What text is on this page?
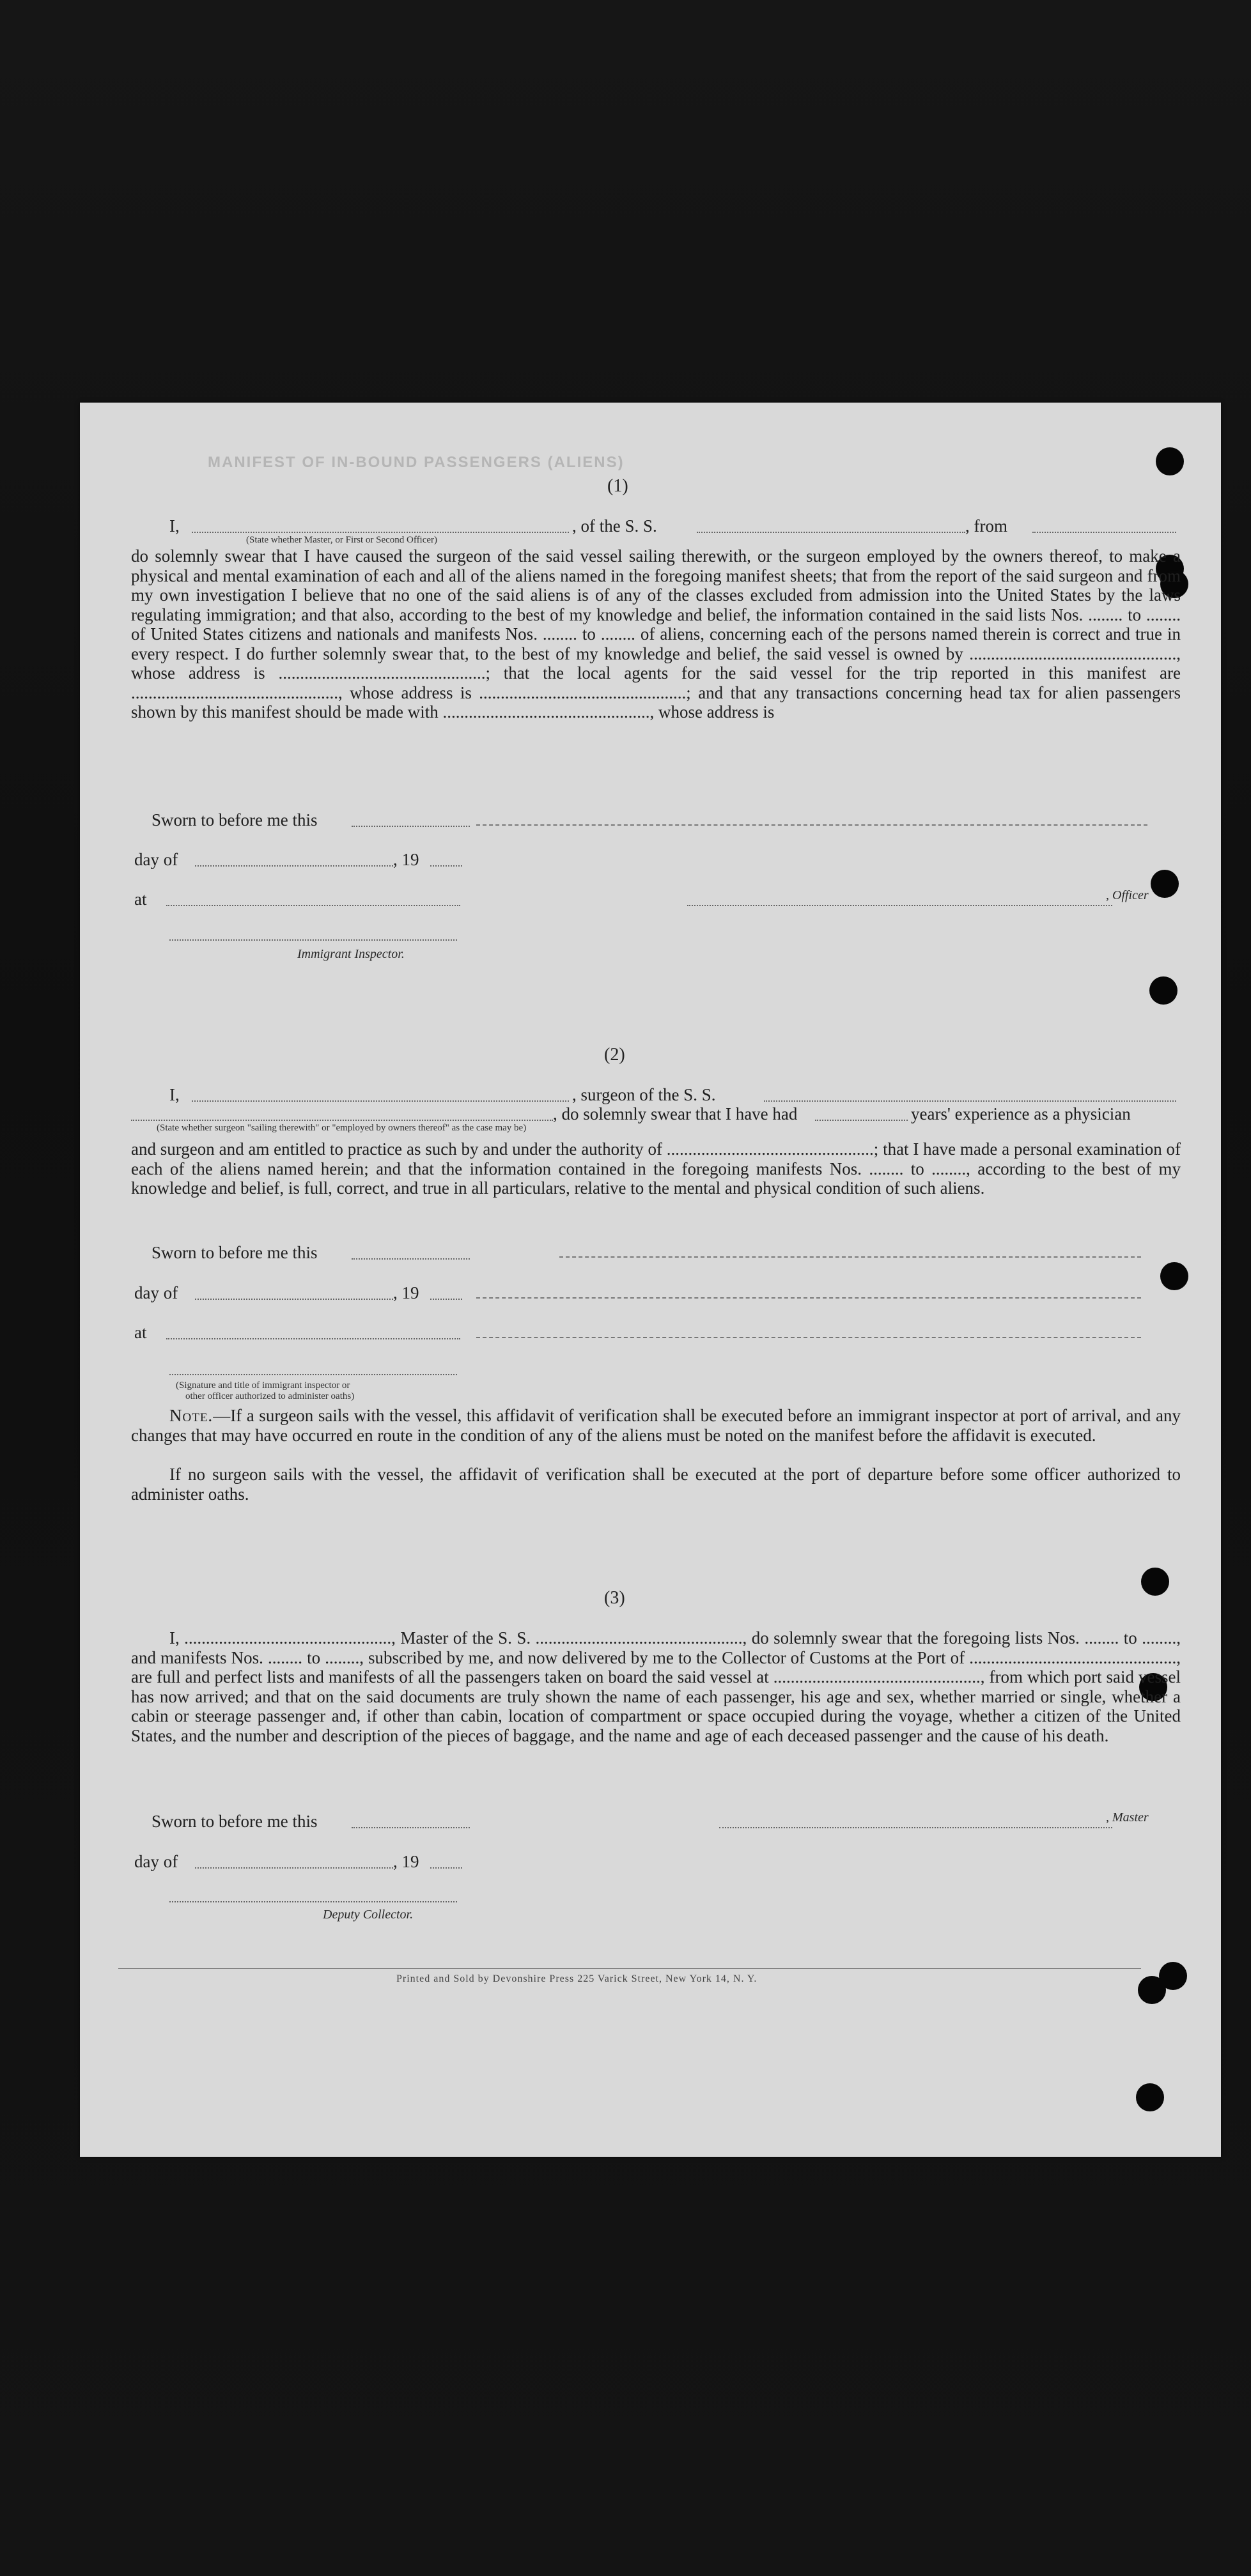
MANIFEST OF IN-BOUND PASSENGERS (ALIENS)
(1)
I,	, of the S. S.	, from
(State whether Master, or First or Second Officer)
do solemnly swear that I have caused the surgeon of the said vessel sailing therewith, or the surgeon employed by the owners thereof, to make a physical and mental examination of each and all of the aliens named in the foregoing manifest sheets; that from the report of the said surgeon and from my own investigation I believe that no one of the said aliens is of any of the classes excluded from admission into the United States by the laws regulating immigration; and that also, according to the best of my knowledge and belief, the information contained in the said lists Nos. ........ to ........ of United States citizens and nationals and manifests Nos. ........ to ........ of aliens, concerning each of the persons named therein is correct and true in every respect. I do further solemnly swear that, to the best of my knowledge and belief, the said vessel is owned by ................................................, whose address is ................................................; that the local agents for the said vessel for the trip reported in this manifest are ................................................, whose address is ................................................; and that any transactions concerning head tax for alien passengers shown by this manifest should be made with ................................................, whose address is
Sworn to before me this
day of	, 19
at	, Officer
Immigrant Inspector.
(2)
I,	, surgeon of the S. S.
, do solemnly swear that I have had	years' experience as a physician
(State whether surgeon "sailing therewith" or "employed by owners thereof" as the case may be)
and surgeon and am entitled to practice as such by and under the authority of ................................................; that I have made a personal examination of each of the aliens named herein; and that the information contained in the foregoing manifests Nos. ........ to ........, according to the best of my knowledge and belief, is full, correct, and true in all particulars, relative to the mental and physical condition of such aliens.
Sworn to before me this
day of	, 19
at
(Signature and title of immigrant inspector or
other officer authorized to administer oaths)
Note.—If a surgeon sails with the vessel, this affidavit of verification shall be executed before an immigrant inspector at port of arrival, and any changes that may have occurred en route in the condition of any of the aliens must be noted on the manifest before the affidavit is executed.
If no surgeon sails with the vessel, the affidavit of verification shall be executed at the port of departure before some officer authorized to administer oaths.
(3)
I, ................................................, Master of the S. S. ................................................, do solemnly swear that the foregoing lists Nos. ........ to ........, and manifests Nos. ........ to ........, subscribed by me, and now delivered by me to the Collector of Customs at the Port of ................................................, are full and perfect lists and manifests of all the passengers taken on board the said vessel at ................................................, from which port said vessel has now arrived; and that on the said documents are truly shown the name of each passenger, his age and sex, whether married or single, whether a cabin or steerage passenger and, if other than cabin, location of compartment or space occupied during the voyage, whether a citizen of the United States, and the number and description of the pieces of baggage, and the name and age of each deceased passenger and the cause of his death.
Sworn to before me this	, Master
day of	, 19
Deputy Collector.
Printed and Sold by Devonshire Press 225 Varick Street, New York 14, N. Y.
